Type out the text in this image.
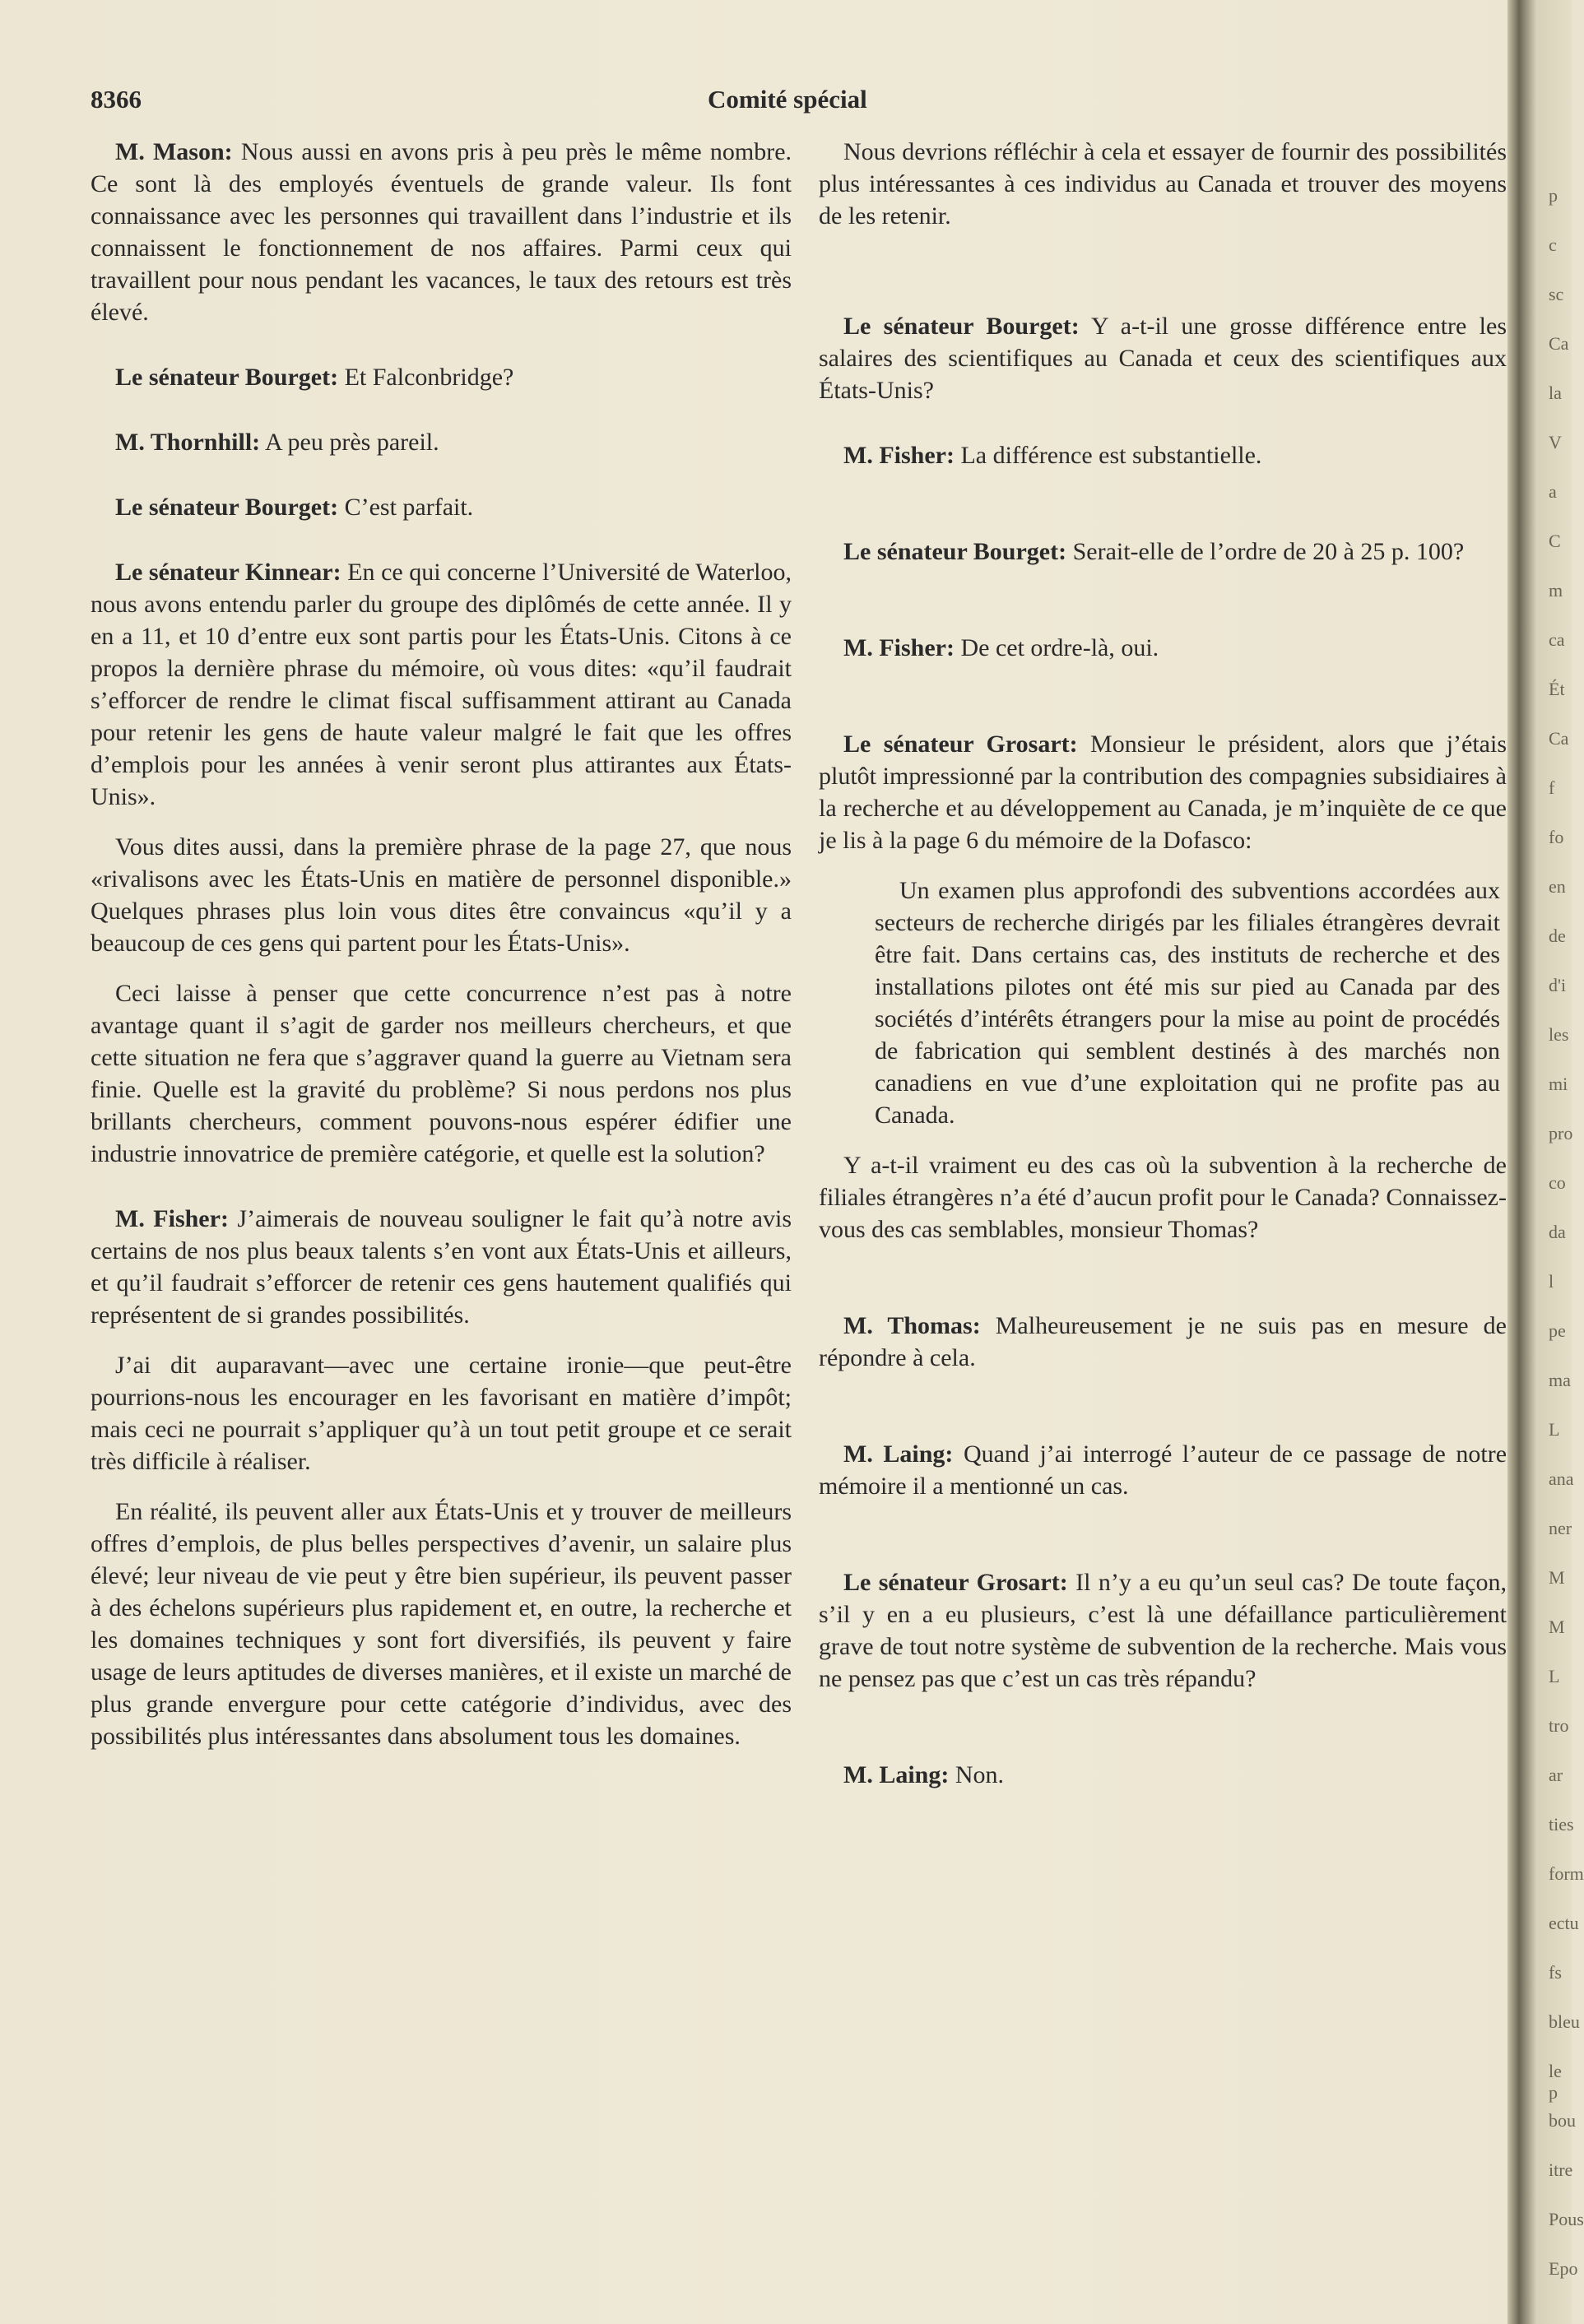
8366	Comité spécial

M. Mason: Nous aussi en avons pris à peu près le même nombre. Ce sont là des employés éventuels de grande valeur. Ils font connaissance avec les personnes qui travaillent dans l’industrie et ils connaissent le fonctionnement de nos affaires. Parmi ceux qui travaillent pour nous pendant les vacances, le taux des retours est très élevé.

Le sénateur Bourget: Et Falconbridge?

M. Thornhill: A peu près pareil.

Le sénateur Bourget: C’est parfait.

Le sénateur Kinnear: En ce qui concerne l’Université de Waterloo, nous avons entendu parler du groupe des diplômés de cette année. Il y en a 11, et 10 d’entre eux sont partis pour les États-Unis. Citons à ce propos la dernière phrase du mémoire, où vous dites: «qu’il faudrait s’efforcer de rendre le climat fiscal suffisamment attirant au Canada pour retenir les gens de haute valeur malgré le fait que les offres d’emplois pour les années à venir seront plus attirantes aux États-Unis».

Vous dites aussi, dans la première phrase de la page 27, que nous «rivalisons avec les États-Unis en matière de personnel disponible.» Quelques phrases plus loin vous dites être convaincus «qu’il y a beaucoup de ces gens qui partent pour les États-Unis».

Ceci laisse à penser que cette concurrence n’est pas à notre avantage quant il s’agit de garder nos meilleurs chercheurs, et que cette situation ne fera que s’aggraver quand la guerre au Vietnam sera finie. Quelle est la gravité du problème? Si nous perdons nos plus brillants chercheurs, comment pouvons-nous espérer édifier une industrie innovatrice de première catégorie, et quelle est la solution?

M. Fisher: J’aimerais de nouveau souligner le fait qu’à notre avis certains de nos plus beaux talents s’en vont aux États-Unis et ailleurs, et qu’il faudrait s’efforcer de retenir ces gens hautement qualifiés qui représentent de si grandes possibilités.

J’ai dit auparavant—avec une certaine ironie—que peut-être pourrions-nous les encourager en les favorisant en matière d’impôt; mais ceci ne pourrait s’appliquer qu’à un tout petit groupe et ce serait très difficile à réaliser.

En réalité, ils peuvent aller aux États-Unis et y trouver de meilleurs offres d’emplois, de plus belles perspectives d’avenir, un salaire plus élevé; leur niveau de vie peut y être bien supérieur, ils peuvent passer à des échelons supérieurs plus rapidement et, en outre, la recherche et les domaines techniques y sont fort diversifiés, ils peuvent y faire usage de leurs aptitudes de diverses manières, et il existe un marché de plus grande envergure pour cette catégorie d’individus, avec des possibilités plus intéressantes dans absolument tous les domaines.

Nous devrions réfléchir à cela et essayer de fournir des possibilités plus intéressantes à ces individus au Canada et trouver des moyens de les retenir.

Le sénateur Bourget: Y a-t-il une grosse différence entre les salaires des scientifiques au Canada et ceux des scientifiques aux États-Unis?

M. Fisher: La différence est substantielle.

Le sénateur Bourget: Serait-elle de l’ordre de 20 à 25 p. 100?

M. Fisher: De cet ordre-là, oui.

Le sénateur Grosart: Monsieur le président, alors que j’étais plutôt impressionné par la contribution des compagnies subsidiaires à la recherche et au développement au Canada, je m’inquiète de ce que je lis à la page 6 du mémoire de la Dofasco:

Un examen plus approfondi des subventions accordées aux secteurs de recherche dirigés par les filiales étrangères devrait être fait. Dans certains cas, des instituts de recherche et des installations pilotes ont été mis sur pied au Canada par des sociétés d’intérêts étrangers pour la mise au point de procédés de fabrication qui semblent destinés à des marchés non canadiens en vue d’une exploitation qui ne profite pas au Canada.

Y a-t-il vraiment eu des cas où la subvention à la recherche de filiales étrangères n’a été d’aucun profit pour le Canada? Connaissez-vous des cas semblables, monsieur Thomas?

M. Thomas: Malheureusement je ne suis pas en mesure de répondre à cela.

M. Laing: Quand j’ai interrogé l’auteur de ce passage de notre mémoire il a mentionné un cas.

Le sénateur Grosart: Il n’y a eu qu’un seul cas? De toute façon, s’il y en a eu plusieurs, c’est là une défaillance particulièrement grave de tout notre système de subvention de la recherche. Mais vous ne pensez pas que c’est un cas très répandu?

M. Laing: Non.

p
c
sc
Ca
la
V
a
C
m
ca
Ét
Ca
f
fo
en
de
d'i
les
mi
pro
co
da
l
pe
ma
L
ana
ner
M
M
L
tro
ar
ties
form
ectu
fs
bleu
le p
bou
itre
Pous
Epo
